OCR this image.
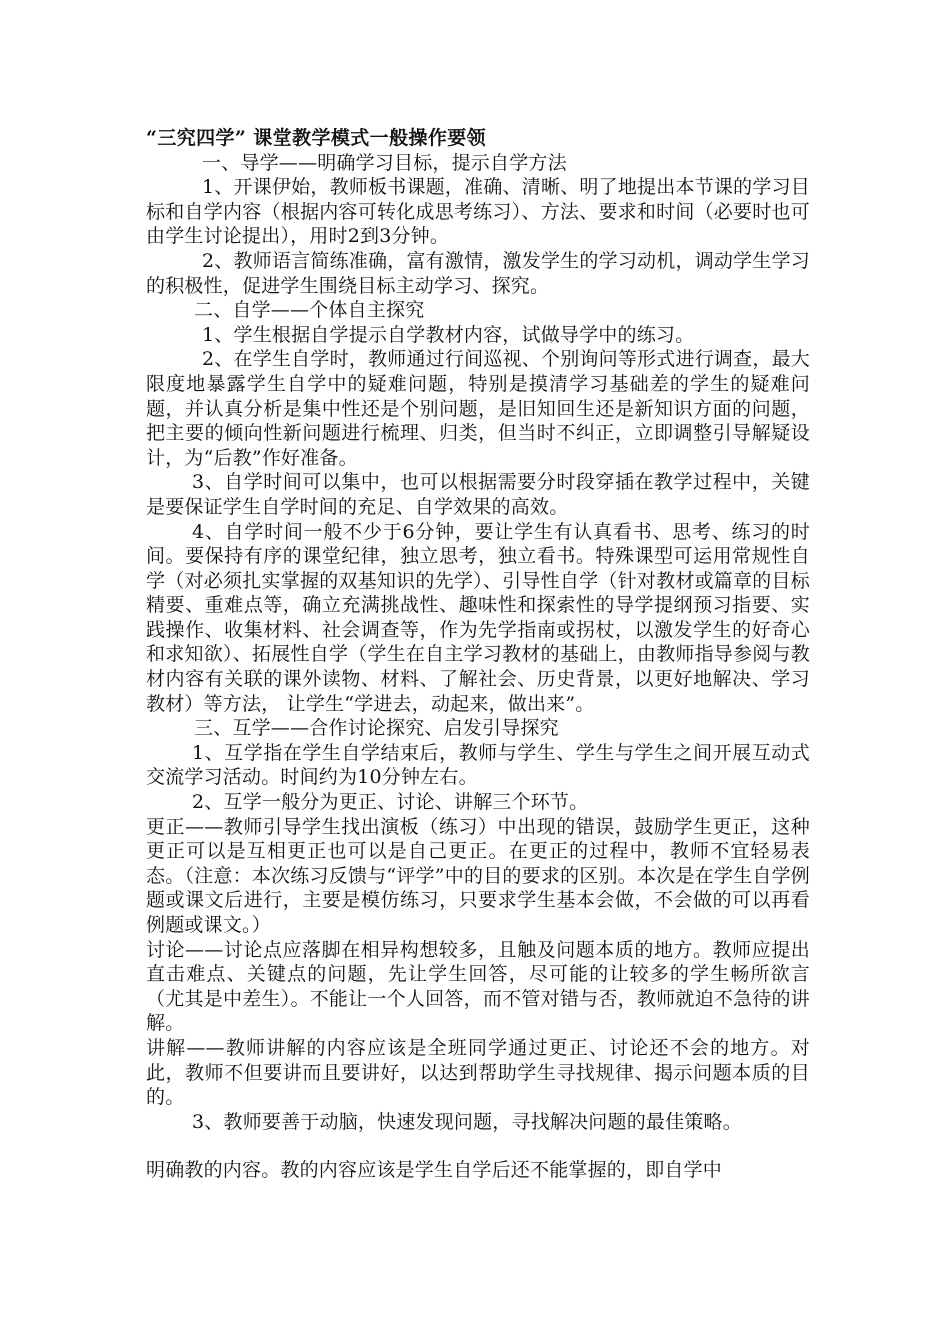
“三究四学” 课堂教学模式一般操作要领

一、导学——明确学习目标，提示自学方法

1、开课伊始，教师板书课题，准确、清晰、明了地提出本节课的学习目标和自学内容（根据内容可转化成思考练习）、方法、要求和时间（必要时也可由学生讨论提出），用时2到3分钟。

2、教师语言简练准确，富有激情，激发学生的学习动机，调动学生学习的积极性，促进学生围绕目标主动学习、探究。

二、自学——个体自主探究

1、学生根据自学提示自学教材内容，试做导学中的练习。

2、在学生自学时，教师通过行间巡视、个别询问等形式进行调查，最大限度地暴露学生自学中的疑难问题，特别是摸清学习基础差的学生的疑难问题，并认真分析是集中性还是个别问题，是旧知回生还是新知识方面的问题，把主要的倾向性新问题进行梳理、归类，但当时不纠正，立即调整引导解疑设计，为“后教”作好准备。

3、自学时间可以集中，也可以根据需要分时段穿插在教学过程中，关键是要保证学生自学时间的充足、自学效果的高效。

4、自学时间一般不少于6分钟，要让学生有认真看书、思考、练习的时间。要保持有序的课堂纪律，独立思考，独立看书。特殊课型可运用常规性自学（对必须扎实掌握的双基知识的先学）、引导性自学（针对教材或篇章的目标精要、重难点等，确立充满挑战性、趣味性和探索性的导学提纲预习指要、实践操作、收集材料、社会调查等，作为先学指南或拐杖，以激发学生的好奇心和求知欲）、拓展性自学（学生在自主学习教材的基础上，由教师指导参阅与教材内容有关联的课外读物、材料、了解社会、历史背景，以更好地解决、学习教材）等方法， 让学生“学进去，动起来，做出来”。

三、互学——合作讨论探究、启发引导探究

1、互学指在学生自学结束后，教师与学生、学生与学生之间开展互动式交流学习活动。时间约为10分钟左右。

2、互学一般分为更正、讨论、讲解三个环节。

更正——教师引导学生找出演板（练习）中出现的错误，鼓励学生更正，这种更正可以是互相更正也可以是自己更正。在更正的过程中，教师不宜轻易表态。（注意：本次练习反馈与“评学”中的目的要求的区别。本次是在学生自学例题或课文后进行，主要是模仿练习，只要求学生基本会做，不会做的可以再看例题或课文。）

讨论——讨论点应落脚在相异构想较多，且触及问题本质的地方。教师应提出直击难点、关键点的问题，先让学生回答，尽可能的让较多的学生畅所欲言（尤其是中差生）。不能让一个人回答，而不管对错与否，教师就迫不急待的讲解。

讲解——教师讲解的内容应该是全班同学通过更正、讨论还不会的地方。对此，教师不但要讲而且要讲好，以达到帮助学生寻找规律、揭示问题本质的目的。

3、教师要善于动脑，快速发现问题，寻找解决问题的最佳策略。

明确教的内容。教的内容应该是学生自学后还不能掌握的，即自学中
